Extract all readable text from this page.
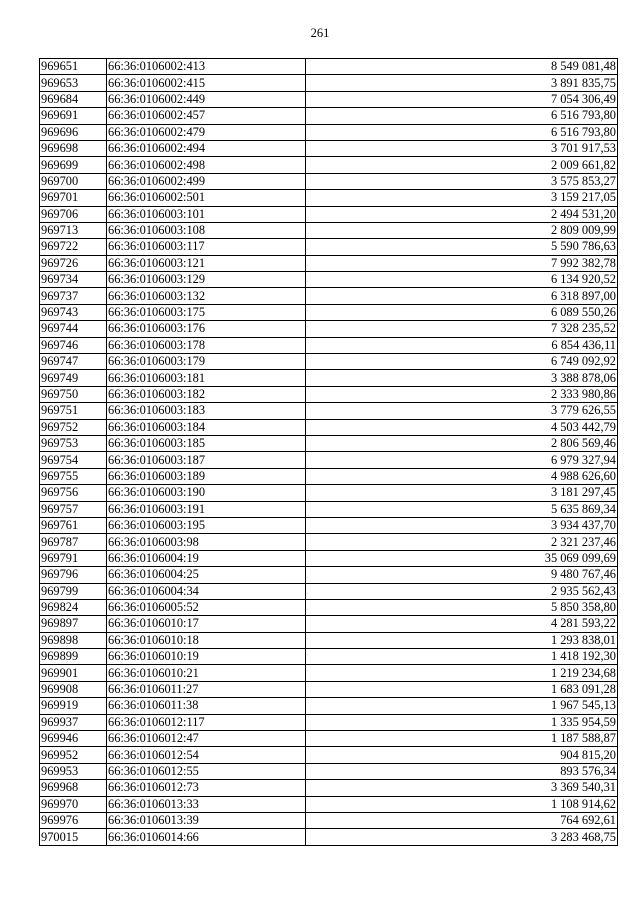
261
969651	66:36:0106002:413	8 549 081,48
969653	66:36:0106002:415	3 891 835,75
969684	66:36:0106002:449	7 054 306,49
969691	66:36:0106002:457	6 516 793,80
969696	66:36:0106002:479	6 516 793,80
969698	66:36:0106002:494	3 701 917,53
969699	66:36:0106002:498	2 009 661,82
969700	66:36:0106002:499	3 575 853,27
969701	66:36:0106002:501	3 159 217,05
969706	66:36:0106003:101	2 494 531,20
969713	66:36:0106003:108	2 809 009,99
969722	66:36:0106003:117	5 590 786,63
969726	66:36:0106003:121	7 992 382,78
969734	66:36:0106003:129	6 134 920,52
969737	66:36:0106003:132	6 318 897,00
969743	66:36:0106003:175	6 089 550,26
969744	66:36:0106003:176	7 328 235,52
969746	66:36:0106003:178	6 854 436,11
969747	66:36:0106003:179	6 749 092,92
969749	66:36:0106003:181	3 388 878,06
969750	66:36:0106003:182	2 333 980,86
969751	66:36:0106003:183	3 779 626,55
969752	66:36:0106003:184	4 503 442,79
969753	66:36:0106003:185	2 806 569,46
969754	66:36:0106003:187	6 979 327,94
969755	66:36:0106003:189	4 988 626,60
969756	66:36:0106003:190	3 181 297,45
969757	66:36:0106003:191	5 635 869,34
969761	66:36:0106003:195	3 934 437,70
969787	66:36:0106003:98	2 321 237,46
969791	66:36:0106004:19	35 069 099,69
969796	66:36:0106004:25	9 480 767,46
969799	66:36:0106004:34	2 935 562,43
969824	66:36:0106005:52	5 850 358,80
969897	66:36:0106010:17	4 281 593,22
969898	66:36:0106010:18	1 293 838,01
969899	66:36:0106010:19	1 418 192,30
969901	66:36:0106010:21	1 219 234,68
969908	66:36:0106011:27	1 683 091,28
969919	66:36:0106011:38	1 967 545,13
969937	66:36:0106012:117	1 335 954,59
969946	66:36:0106012:47	1 187 588,87
969952	66:36:0106012:54	904 815,20
969953	66:36:0106012:55	893 576,34
969968	66:36:0106012:73	3 369 540,31
969970	66:36:0106013:33	1 108 914,62
969976	66:36:0106013:39	764 692,61
970015	66:36:0106014:66	3 283 468,75
